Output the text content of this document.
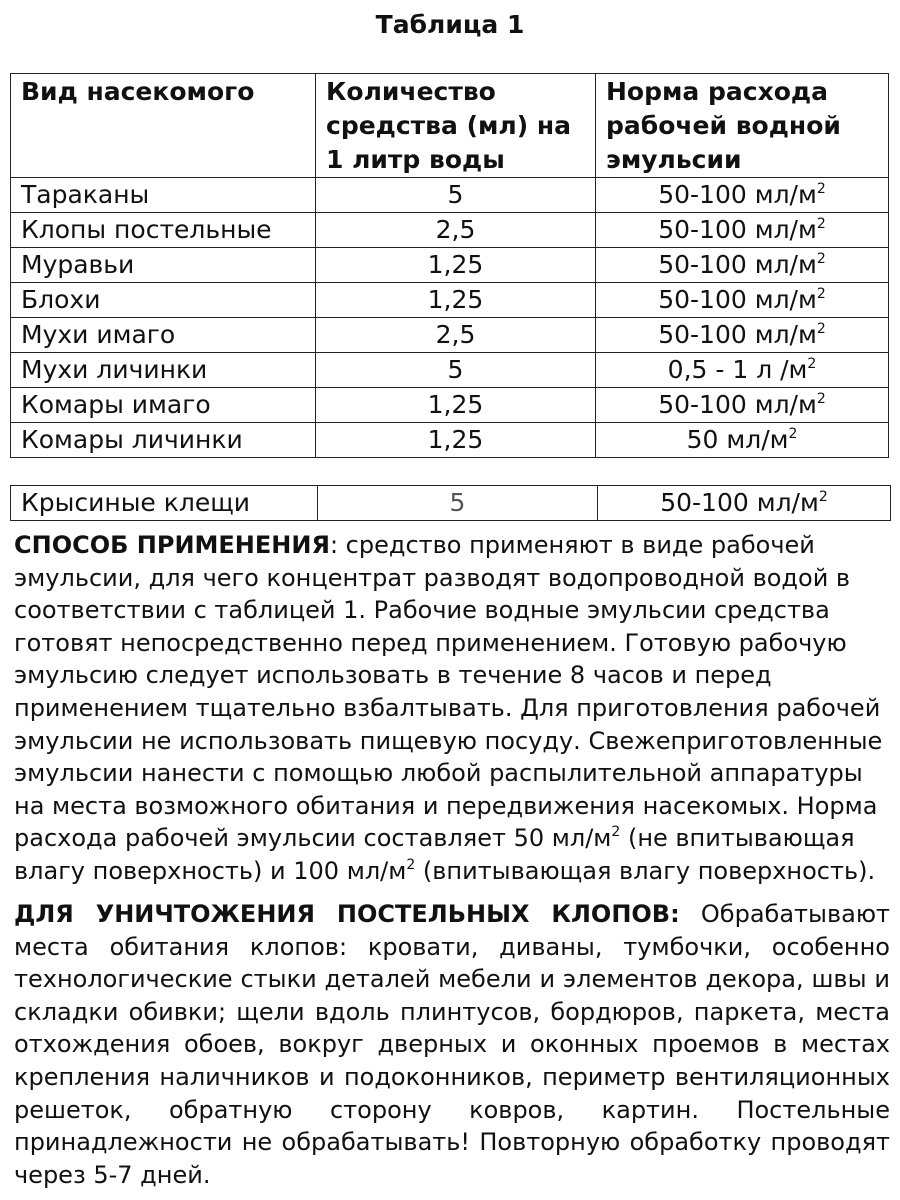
Таблица 1
Вид насекомого	Количество средства (мл) на 1 литр воды	Норма расхода рабочей водной эмульсии
Тараканы	5	50-100 $мл/м^2$
Клопы постельные	2,5	50-100 $мл/м^2$
Муравьи	1,25	50-100 $мл/м^2$
Блохи	1,25	50-100 $мл/м^2$
Мухи имаго	2,5	50-100 $мл/м^2$
Мухи личинки	5	0,5 - 1 л $/м^2$
Комары имаго	1,25	50-100 $мл/м^2$
Комары личинки	1,25	50 $мл/м^2$
Крысиные клещи	5	50-100 $мл/м^2$

СПОСОБ ПРИМЕНЕНИЯ: средство применяют в виде рабочей эмульсии, для чего концентрат разводят водопроводной водой в соответствии с таблицей 1. Рабочие водные эмульсии средства готовят непосредственно перед применением. Готовую рабочую эмульсию следует использовать в течение 8 часов и перед применением тщательно взбалтывать. Для приготовления рабочей эмульсии не использовать пищевую посуду. Свежеприготовленные эмульсии нанести с помощью любой распылительной аппаратуры на места возможного обитания и передвижения насекомых. Норма расхода рабочей эмульсии составляет 50 $мл/м^2$ (не впитывающая влагу поверхность) и 100 $мл/м^2$ (впитывающая влагу поверхность).

ДЛЯ УНИЧТОЖЕНИЯ ПОСТЕЛЬНЫХ КЛОПОВ: Обрабатывают места обитания клопов: кровати, диваны, тумбочки, особенно технологические стыки деталей мебели и элементов декора, швы и складки обивки; щели вдоль плинтусов, бордюров, паркета, места отхождения обоев, вокруг дверных и оконных проемов в местах крепления наличников и подоконников, периметр вентиляционных решеток, обратную сторону ковров, картин. Постельные принадлежности не обрабатывать! Повторную обработку проводят через 5-7 дней.
